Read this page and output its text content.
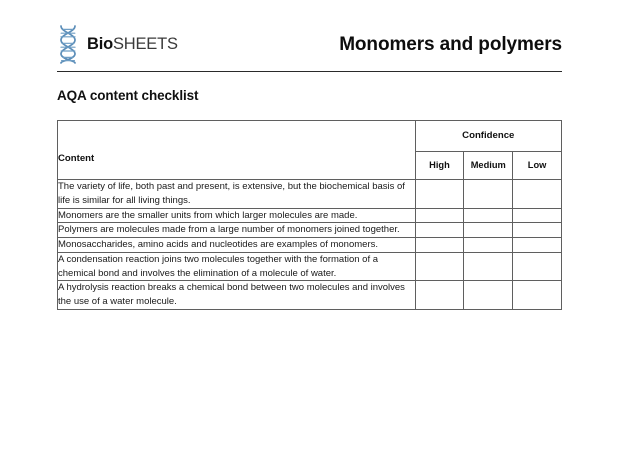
BioSHEETS	Monomers and polymers
AQA content checklist
Content	Confidence		
	High	Medium	Low
The variety of life, both past and present, is extensive, but the biochemical basis of life is similar for all living things.			
Monomers are the smaller units from which larger molecules are made.			
Polymers are molecules made from a large number of monomers joined together.			
Monosaccharides, amino acids and nucleotides are examples of monomers.			
A condensation reaction joins two molecules together with the formation of a chemical bond and involves the elimination of a molecule of water.			
A hydrolysis reaction breaks a chemical bond between two molecules and involves the use of a water molecule.			
